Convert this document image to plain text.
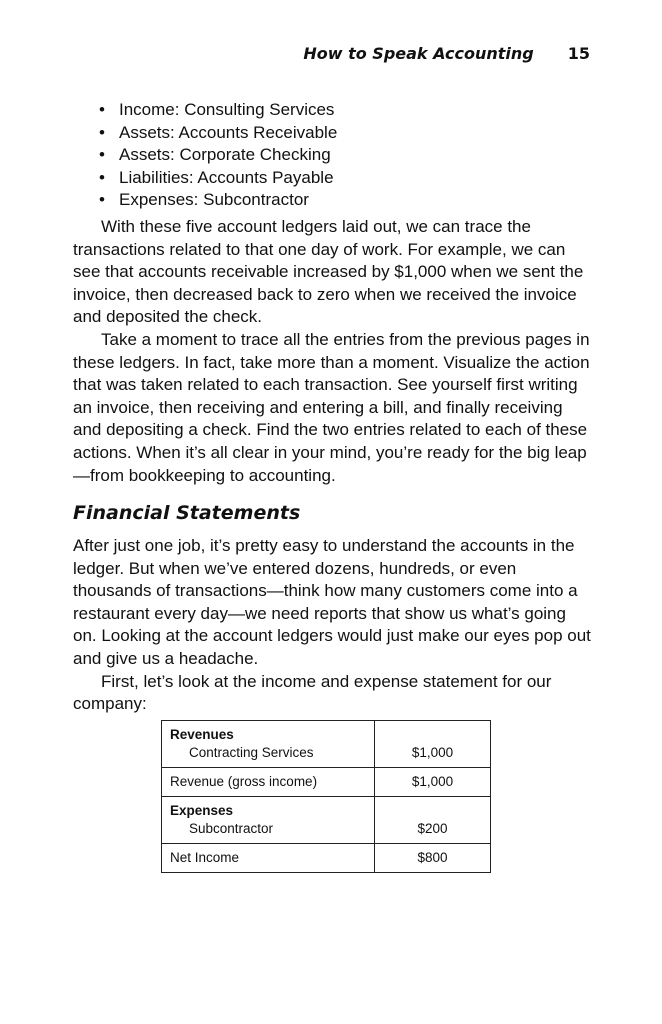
How to Speak Accounting 15
• Income: Consulting Services
• Assets: Accounts Receivable
• Assets: Corporate Checking
• Liabilities: Accounts Payable
• Expenses: Subcontractor

With these five account ledgers laid out, we can trace the transactions related to that one day of work. For example, we can see that accounts receivable increased by $1,000 when we sent the invoice, then decreased back to zero when we received the invoice and deposited the check.

Take a moment to trace all the entries from the previous pages in these ledgers. In fact, take more than a moment. Visualize the action that was taken related to each transaction. See yourself first writing an invoice, then receiving and entering a bill, and finally receiving and depositing a check. Find the two entries related to each of these actions. When it’s all clear in your mind, you’re ready for the big leap—from bookkeeping to accounting.

Financial Statements

After just one job, it’s pretty easy to understand the accounts in the ledger. But when we’ve entered dozens, hundreds, or even thousands of transactions—think how many customers come into a restaurant every day—we need reports that show us what’s going on. Looking at the account ledgers would just make our eyes pop out and give us a headache.

First, let’s look at the income and expense statement for our company:

Revenues
Contracting Services	$1,000
Revenue (gross income)	$1,000

Expenses
Subcontractor	$200
Net Income	$800
